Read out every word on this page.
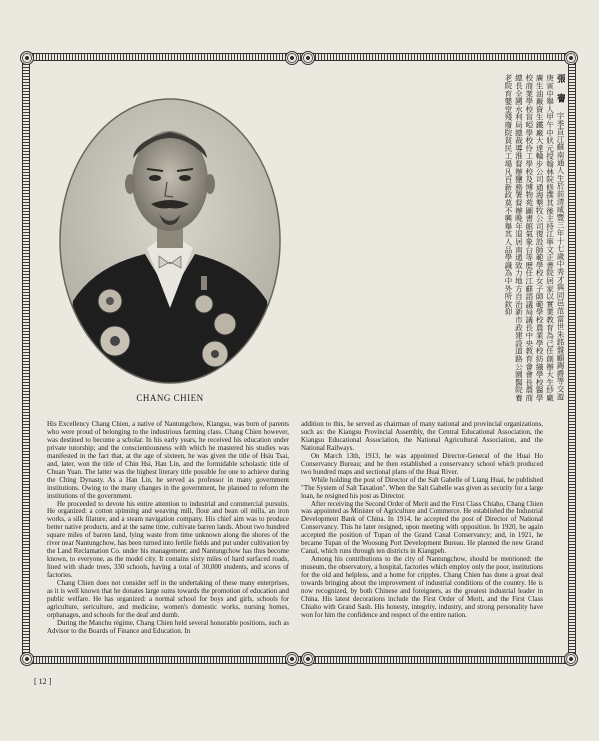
CHANG CHIEN
張 謇 字季直江蘇南通人生於前清咸豐三年十七歲中秀才與同邑范當世朱銘盤顧錫爵等交遊庚寅中舉人甲午中狀元授翰林院修撰其後主持江寧文正書院居家以實業教育為己任創辦大生紗廠廣生油廠資生鐵廠大達輪步公司通海墾牧公司復設師範學校女子師範學校農業學校紡織學校醫學校商業學校盲啞學校伶工學校及博物苑圖書館氣象台等歷任江蘇諮議局議長中央教育會會長農商總長全國水利局總裁導淮督辦鹽務署督辦晚年退居南通致力地方自治新市政建設道路公園醫院養老院育嬰堂殘廢院貧民工場凡百新政莫不興舉其人品學識為中外所欽仰

His Excellency Chang Chien, a native of Nantungchow, Kiangsu, was born of parents who were proud of belonging to the industrious farming class. Chang Chien however, was destined to become a scholar. In his early years, he received his education under private tutorship; and the conscientiousness with which he mastered his studies was manifested in the fact that, at the age of sixteen, he was given the title of Hsiu Tsai, and, later, won the title of Chin Hsi, Han Lin, and the formidable scholastic title of Chuan Yuan. The latter was the highest literary title possible for one to achieve during the Ching Dynasty. As a Han Lin, he served as professor in many government institutions. Owing to the many changes in the government, he planned to reform the institutions of the government.

He proceeded to devote his entire attention to industrial and commercial pursuits. He organized: a cotton spinning and weaving mill, flour and bean oil mills, an iron works, a silk filature, and a steam navigation company. His chief aim was to produce better native products, and at the same time, cultivate barren lands. About two hundred square miles of barren land, lying waste from time unknown along the shores of the river near Nantungchow, has been turned into fertile fields and put under cultivation by the Land Reclamation Co. under his management; and Nantungchow has thus become known, to everyone, as the model city. It contains sixty miles of hard surfaced roads, lined with shade trees, 330 schools, having a total of 30,000 students, and scores of factories.

Chang Chien does not consider self in the undertaking of these many enterprises, as it is well known that he donates large sums towards the promotion of education and public welfare. He has organized: a normal school for boys and girls, schools for agriculture, sericulture, and medicine, women's domestic works, nursing homes, orphanages, and schools for the deaf and dumb.

During the Manchu régime, Chang Chien held several honorable positions, such as Advisor to the Boards of Finance and Education. In

addition to this, he served as chairman of many national and provincial organizations, such as: the Kiangsu Provincial Assembly, the Central Educational Association, the Kiangsu Educational Association, the National Agricultural Association, and the National Railways.

On March 13th, 1913, he was appointed Director-General of the Huai Ho Conservancy Bureau; and he then established a conservancy school which produced two hundred maps and sectional plans of the Huai River.

While holding the post of Director of the Salt Gabelle of Liang Huai, he published "The System of Salt Taxation". When the Salt Gabelle was given as security for a large loan, he resigned his post as Director.

After receiving the Second Order of Merit and the First Class Chiaho, Chang Chien was appointed as Minister of Agriculture and Commerce. He established the Industrial Development Bank of China. In 1914, he accepted the post of Director of National Conservancy. This he later resigned, upon meeting with opposition. In 1920, he again accepted the position of Tupan of the Grand Canal Conservancy; and, in 1921, he became Tupan of the Woosung Port Development Bureau. He planned the new Grand Canal, which runs through ten districts in Kiangpeh.

Among his contributions to the city of Nantungchow, should be mentioned: the museum, the observatory, a hospital, factories which employ only the poor, institutions for the old and helpless, and a home for cripples. Chang Chien has done a great deal towards bringing about the improvement of industrial conditions of the country. He is now recognized, by both Chinese and foreigners, as the greatest industrial leader in China. His latest decorations include the First Order of Merit, and the First Class Chiaho with Grand Sash. His honesty, integrity, industry, and strong personality have won for him the confidence and respect of the entire nation.

[ 12 ]
